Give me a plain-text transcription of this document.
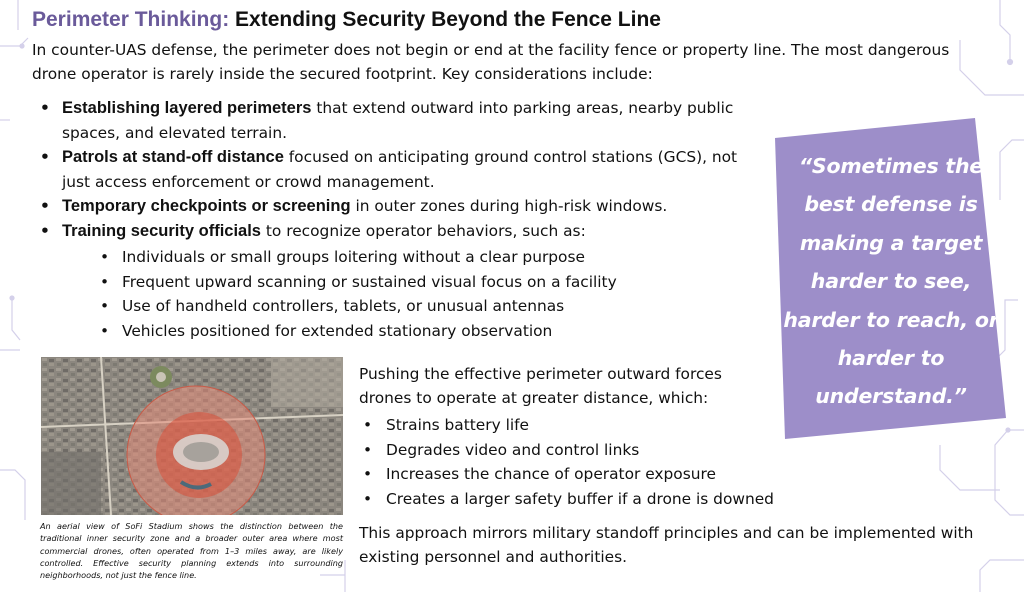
Perimeter Thinking: Extending Security Beyond the Fence Line
In counter-UAS defense, the perimeter does not begin or end at the facility fence or property line. The most dangerous drone operator is rarely inside the secured footprint. Key considerations include:
• Establishing layered perimeters that extend outward into parking areas, nearby public spaces, and elevated terrain.
• Patrols at stand-off distance focused on anticipating ground control stations (GCS), not just access enforcement or crowd management.
• Temporary checkpoints or screening in outer zones during high-risk windows.
• Training security officials to recognize operator behaviors, such as:
• Individuals or small groups loitering without a clear purpose
• Frequent upward scanning or sustained visual focus on a facility
• Use of handheld controllers, tablets, or unusual antennas
• Vehicles positioned for extended stationary observation
An aerial view of SoFi Stadium shows the distinction between the traditional inner security zone and a broader outer area where most commercial drones, often operated from 1–3 miles away, are likely controlled. Effective security planning extends into surrounding neighborhoods, not just the fence line.
Pushing the effective perimeter outward forces drones to operate at greater distance, which:
• Strains battery life
• Degrades video and control links
• Increases the chance of operator exposure
• Creates a larger safety buffer if a drone is downed
This approach mirrors military standoff principles and can be implemented with existing personnel and authorities.
“Sometimes the best defense is making a target harder to see, harder to reach, or harder to understand.”
